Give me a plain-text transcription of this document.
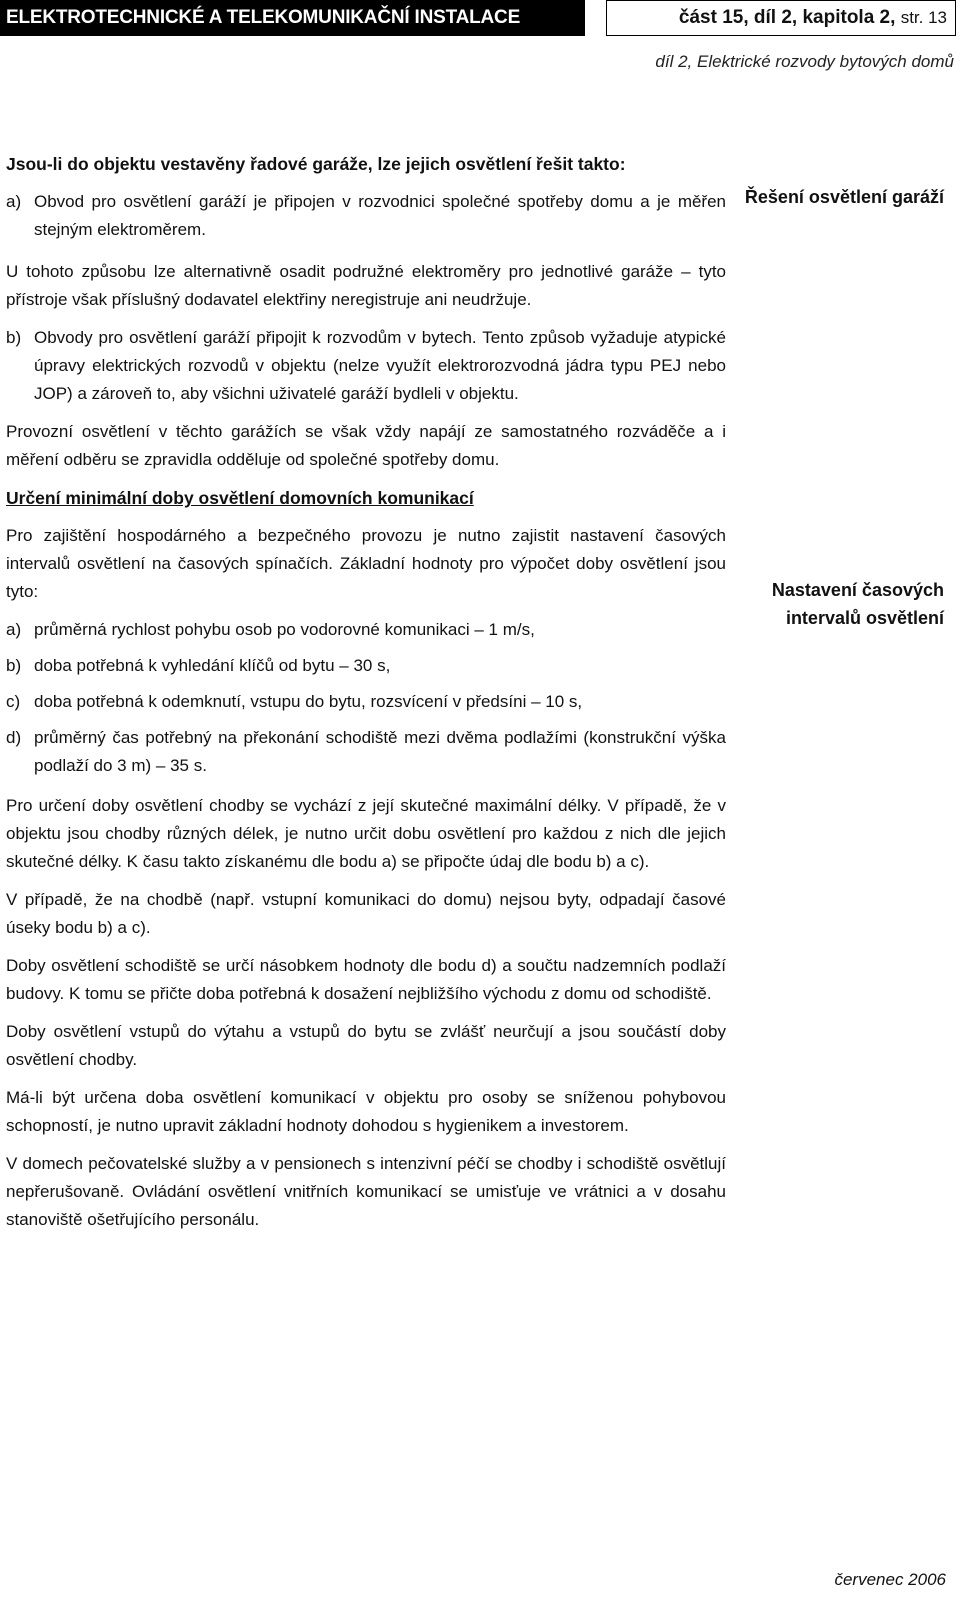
ELEKTROTECHNICKÉ A TELEKOMUNIKAČNÍ INSTALACE	část 15, díl 2, kapitola 2, str. 13
díl 2, Elektrické rozvody bytových domů

Jsou-li do objektu vestavěny řadové garáže, lze jejich osvětlení řešit takto:

a) Obvod pro osvětlení garáží je připojen v rozvodnici společné spotřeby domu a je měřen stejným elektroměrem.

U tohoto způsobu lze alternativně osadit podružné elektroměry pro jednotlivé garáže – tyto přístroje však příslušný dodavatel elektřiny neregistruje ani neudržuje.

b) Obvody pro osvětlení garáží připojit k rozvodům v bytech. Tento způsob vyžaduje atypické úpravy elektrických rozvodů v objektu (nelze využít elektrorozvodná jádra typu PEJ nebo JOP) a zároveň to, aby všichni uživatelé garáží bydleli v objektu.

Provozní osvětlení v těchto garážích se však vždy napájí ze samostatného rozváděče a i měření odběru se zpravidla odděluje od společné spotřeby domu.

Určení minimální doby osvětlení domovních komunikací

Pro zajištění hospodárného a bezpečného provozu je nutno zajistit nastavení časových intervalů osvětlení na časových spínačích. Základní hodnoty pro výpočet doby osvětlení jsou tyto:

a) průměrná rychlost pohybu osob po vodorovné komunikaci – 1 m/s,
b) doba potřebná k vyhledání klíčů od bytu – 30 s,
c) doba potřebná k odemknutí, vstupu do bytu, rozsvícení v předsíni – 10 s,
d) průměrný čas potřebný na překonání schodiště mezi dvěma podlažími (konstrukční výška podlaží do 3 m) – 35 s.

Pro určení doby osvětlení chodby se vychází z její skutečné maximální délky. V případě, že v objektu jsou chodby různých délek, je nutno určit dobu osvětlení pro každou z nich dle jejich skutečné délky. K času takto získanému dle bodu a) se připočte údaj dle bodu b) a c).

V případě, že na chodbě (např. vstupní komunikaci do domu) nejsou byty, odpadají časové úseky bodu b) a c).

Doby osvětlení schodiště se určí násobkem hodnoty dle bodu d) a součtu nadzemních podlaží budovy. K tomu se přičte doba potřebná k dosažení nejbližšího východu z domu od schodiště.

Doby osvětlení vstupů do výtahu a vstupů do bytu se zvlášť neurčují a jsou součástí doby osvětlení chodby.

Má-li být určena doba osvětlení komunikací v objektu pro osoby se sníženou pohybovou schopností, je nutno upravit základní hodnoty dohodou s hygienikem a investorem.

V domech pečovatelské služby a v pensionech s intenzivní péčí se chodby i schodiště osvětlují nepřerušovaně. Ovládání osvětlení vnitřních komunikací se umisťuje ve vrátnici a v dosahu stanoviště ošetřujícího personálu.

Řešení osvětlení garáží
Nastavení časových intervalů osvětlení
červenec 2006
